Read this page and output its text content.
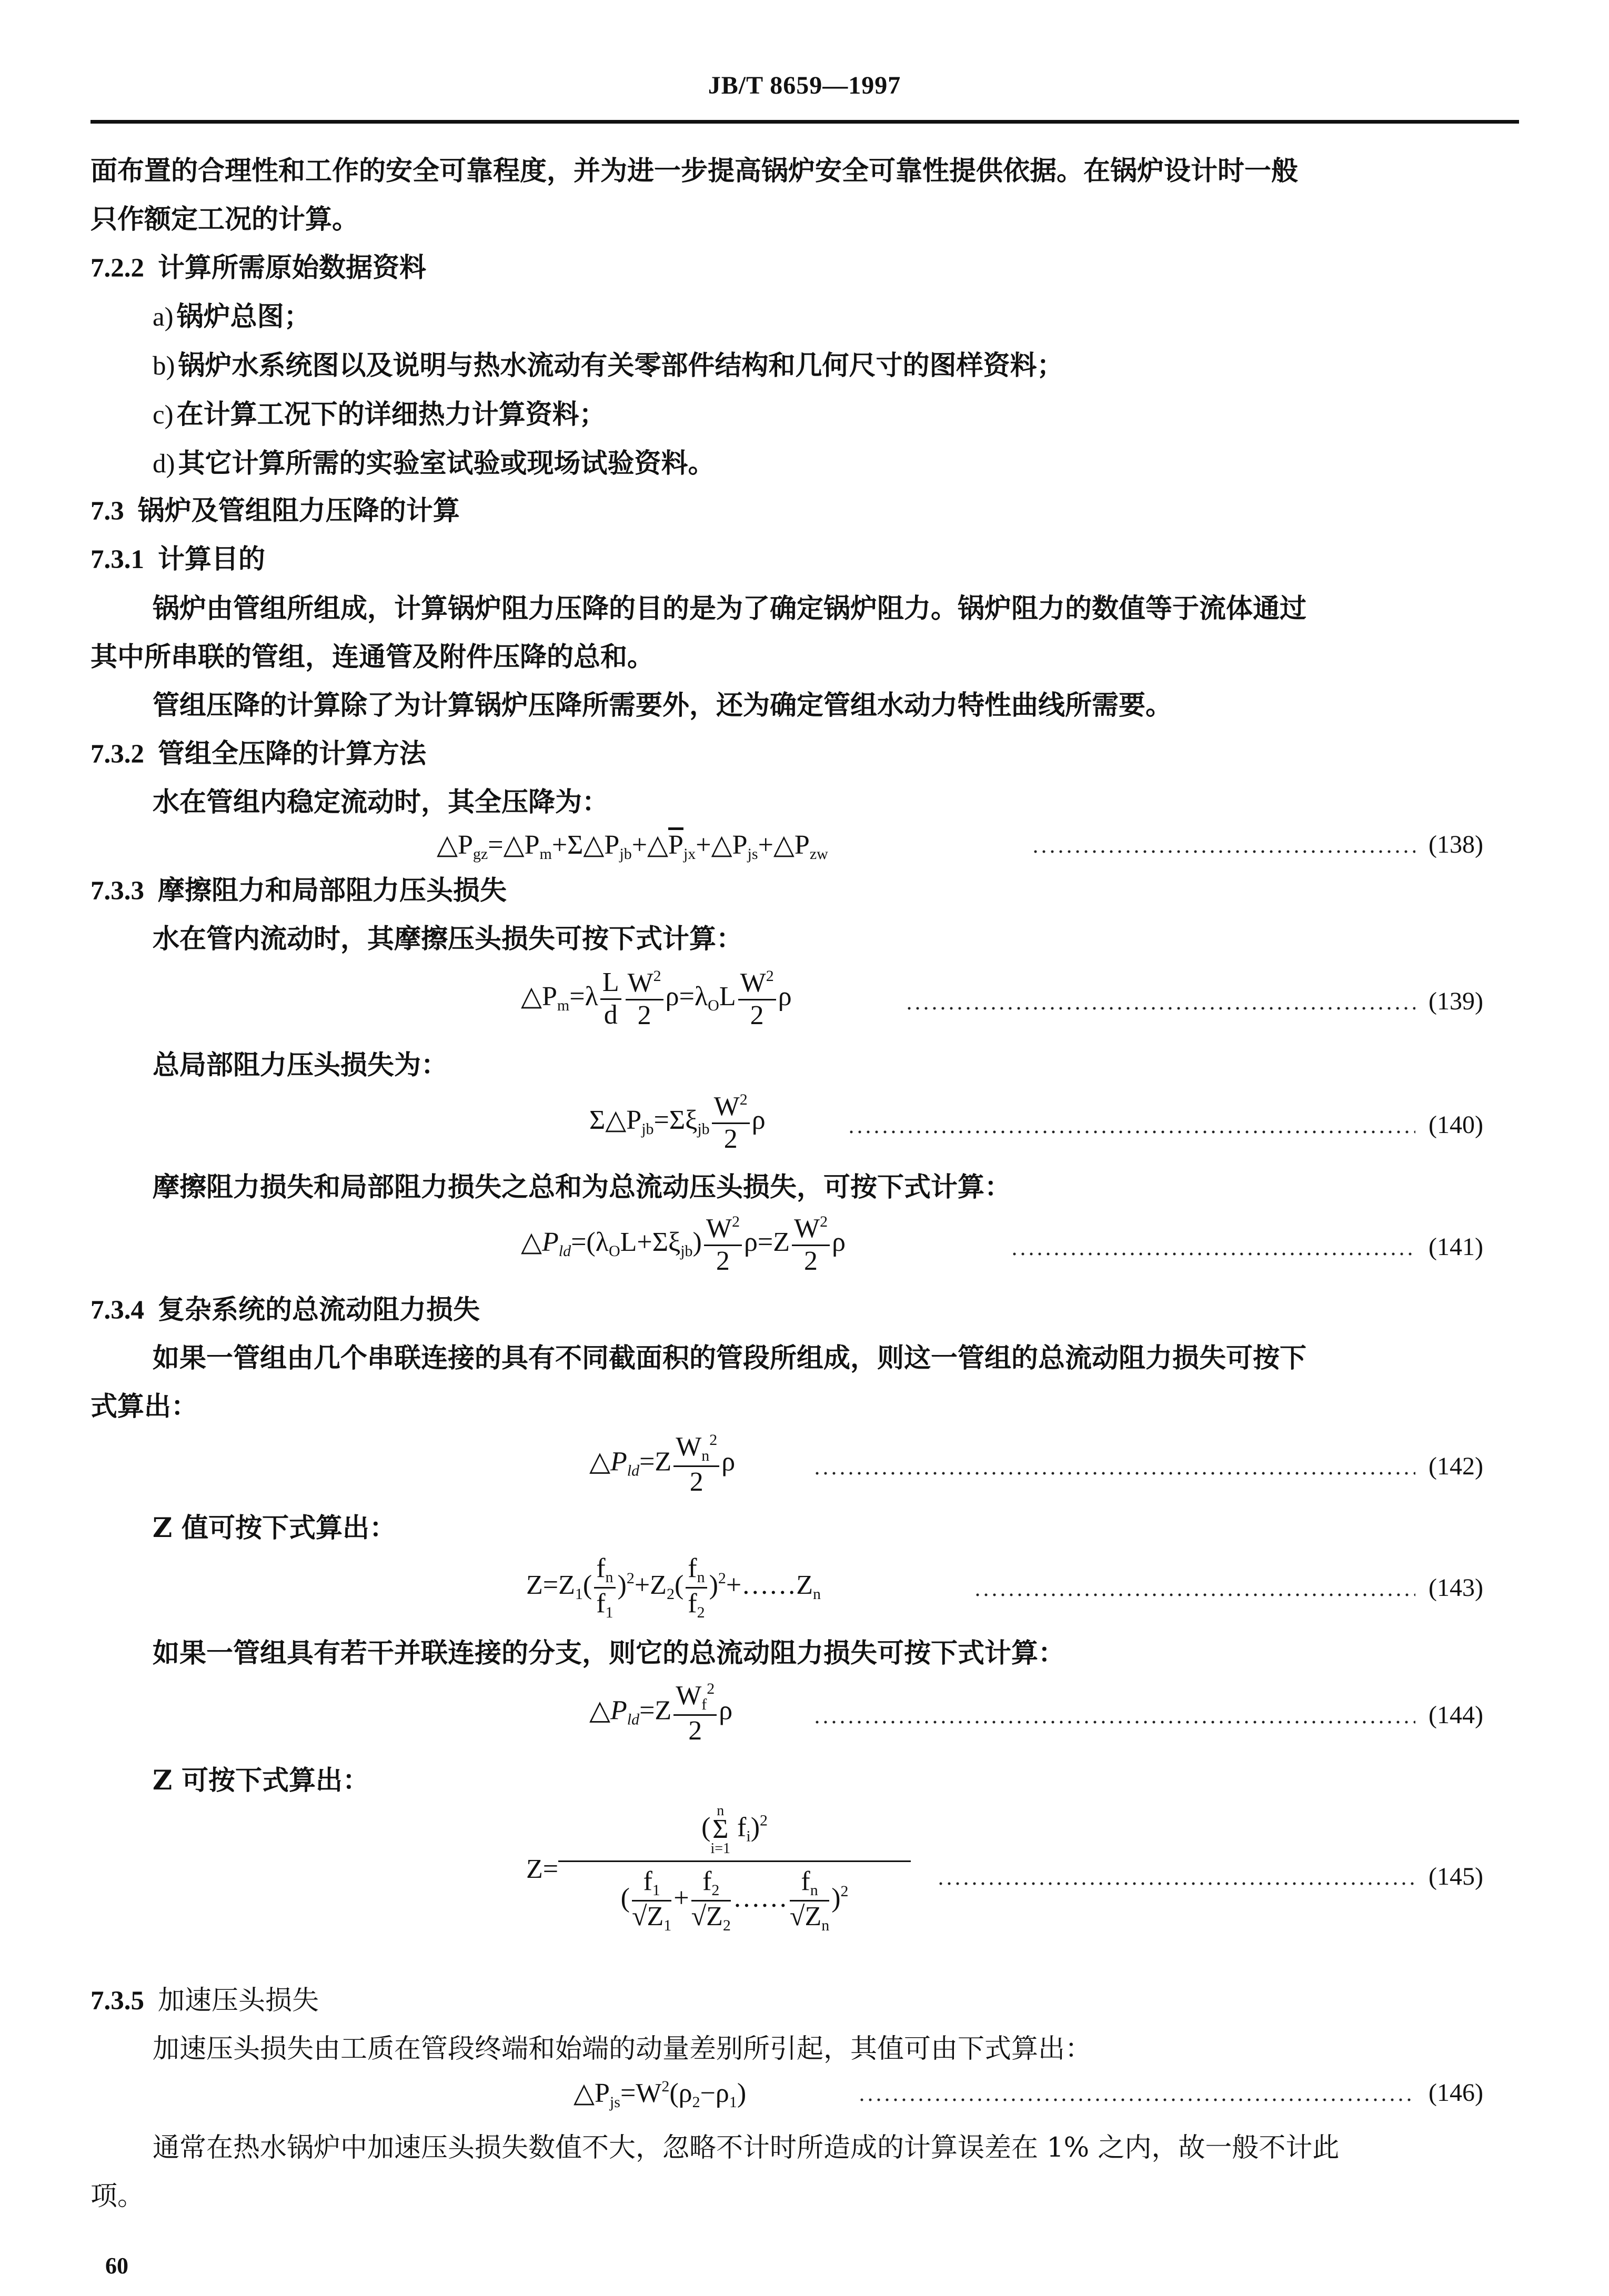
JB/T 8659—1997
面布置的合理性和工作的安全可靠程度，并为进一步提高锅炉安全可靠性提供依据。在锅炉设计时一般
只作额定工况的计算。
7.2.2 计算所需原始数据资料
a) 锅炉总图；
b) 锅炉水系统图以及说明与热水流动有关零部件结构和几何尺寸的图样资料；
c) 在计算工况下的详细热力计算资料；
d) 其它计算所需的实验室试验或现场试验资料。
7.3 锅炉及管组阻力压降的计算
7.3.1 计算目的
锅炉由管组所组成，计算锅炉阻力压降的目的是为了确定锅炉阻力。锅炉阻力的数值等于流体通过
其中所串联的管组，连通管及附件压降的总和。
管组压降的计算除了为计算锅炉压降所需要外，还为确定管组水动力特性曲线所需要。
7.3.2 管组全压降的计算方法
水在管组内稳定流动时，其全压降为：
$\triangle P_{gz}=\triangle P_m+\Sigma\triangle P_{jb}+\triangle\overline{P}_{jx}+\triangle P_{js}+\triangle P_{zw}$	(138)
7.3.3 摩擦阻力和局部阻力压头损失
水在管内流动时，其摩擦压头损失可按下式计算：
$\triangle P_m=\lambda \frac{L}{d} \frac{W^2}{2} \rho=\lambda_OL \frac{W^2}{2}$ ρ	(139)
总局部阻力压头损失为：
$\Sigma\triangle P_{jb}=\Sigma\xi_{jb} \frac{W^2}{2}$ ρ	(140)
摩擦阻力损失和局部阻力损失之总和为总流动压头损失，可按下式计算：
$\triangle P_{ld}=(\lambda_OL+\Sigma\xi_{jb}) \frac{W^2}{2} \rho=Z \frac{W^2}{2}$ ρ	(141)
7.3.4 复杂系统的总流动阻力损失
如果一管组由几个串联连接的具有不同截面积的管段所组成，则这一管组的总流动阻力损失可按下
式算出：
$\triangle P_{ld}=Z \frac{W_n^2}{2}$ ρ	(142)
Z 值可按下式算出：
$Z=Z_1( \frac{f_n}{f_1} )^2+Z_2( \frac{f_n}{f_2}$ )$^2+\dots\dots Z_n$	(143)
如果一管组具有若干并联连接的分支，则它的总流动阻力损失可按下式计算：
$\triangle P_{ld}=Z \frac{W_f^2}{2}$ ρ	(144)
Z 可按下式算出：
Z= (
n
Σ
i=1
$f_i)^2$
( $\frac{f_1}{√Z_1} + \frac{f_2}{√Z_2}$ …… $\frac{f_n}{√Z_n} )^2$	(145)
7.3.5 加速压头损失
加速压头损失由工质在管段终端和始端的动量差别所引起，其值可由下式算出：
$\triangle P_{js}=W^2(\rho_2-\rho_1)$	(146)
通常在热水锅炉中加速压头损失数值不大，忽略不计时所造成的计算误差在 1% 之内，故一般不计此
项。
60
